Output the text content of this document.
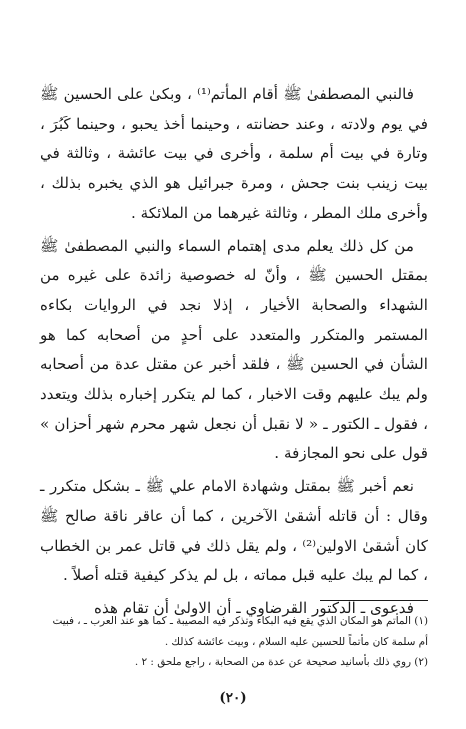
فالنبي المصطفىٰ ﷺ أقام المأتم⁽¹⁾ ، وبكىٰ على الحسين ﷺ في يوم ولادته ، وعند حضانته ، وحينما أخذ يحبو ، وحينما كَبُرَ ، وتارة في بيت أم سلمة ، وأخرى في بيت عائشة ، وثالثة في بيت زينب بنت جحش ، ومرة جبرائيل هو الذي يخبره بذلك ، وأخرى ملك المطر ، وثالثة غيرهما من الملائكة .

من كل ذلك يعلم مدى إهتمام السماء والنبي المصطفىٰ ﷺ بمقتل الحسين ﷺ ، وأنّ له خصوصية زائدة على غيره من الشهداء والصحابة الأخيار ، إذلا نجد في الروايات بكاءه المستمر والمتكرر والمتعدد على أحدٍ من أصحابه كما هو الشأن في الحسين ﷺ ، فلقد أخبر عن مقتل عدة من أصحابه ولم يبك عليهم وقت الاخبار ، كما لم يتكرر إخباره بذلك ويتعدد ، فقول ـ الكتور ـ « لا نقبل أن نجعل شهر محرم شهر أحزان » قول على نحو المجازفة .

نعم أخبر ﷺ بمقتل وشهادة الامام علي ﷺ ـ بشكل متكرر ـ وقال : أن قاتله أشقىٰ الآخرين ، كما أن عاقر ناقة صالح ﷺ كان أشقىٰ الاولين⁽²⁾ ، ولم يقل ذلك في قاتل عمر بن الخطاب ، كما لم يبك عليه قبل مماته ، بل لم يذكر كيفية قتله أصلاً .

فدعوى ـ الدكتور القرضاوي ـ أن الاولىٰ أن تقام هذه

(١) المأتم هو المكان الذي يقع فيه البكاء وتذكر فيه المصيبة ـ كما هو عند العرب ـ ، فبيت أم سلمة كان مأتماً للحسين عليه السلام ، وبيت عائشة كذلك .

(٢) روي ذلك بأسانيد صحيحة عن عدة من الصحابة ، راجع ملحق : ٢ .

(٢٠)
